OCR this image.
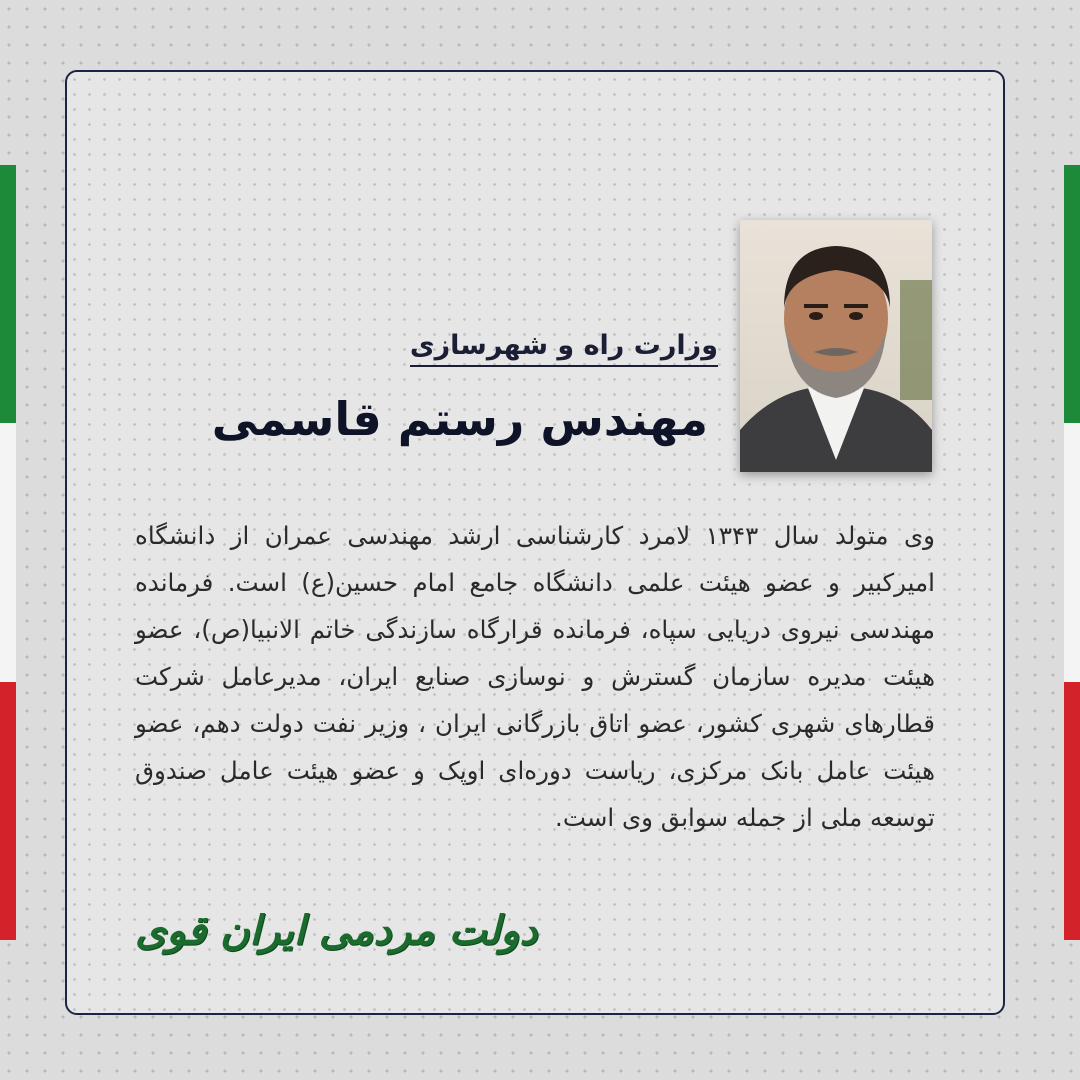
وزارت راه و شهرسازی
مهندس رستم قاسمی
وی متولد سال ۱۳۴۳ لامرد کارشناسی ارشد مهندسی عمران از دانشگاه امیرکبیر و عضو هیئت علمی دانشگاه جامع امام حسین(ع) است. فرمانده مهندسی نیروی دریایی سپاه، فرمانده قرارگاه سازندگی خاتم الانبیا(ص)، عضو هیئت مدیره سازمان گسترش و نوسازی صنایع ایران، مدیرعامل شرکت قطارهای شهری کشور، عضو اتاق بازرگانی ایران ، وزیر نفت دولت دهم، عضو هیئت عامل بانک مرکزی، ریاست دوره‌ای اوپک و عضو هیئت عامل صندوق توسعه ملی از جمله سوابق وی است.
دولت مردمی ایران قوی
